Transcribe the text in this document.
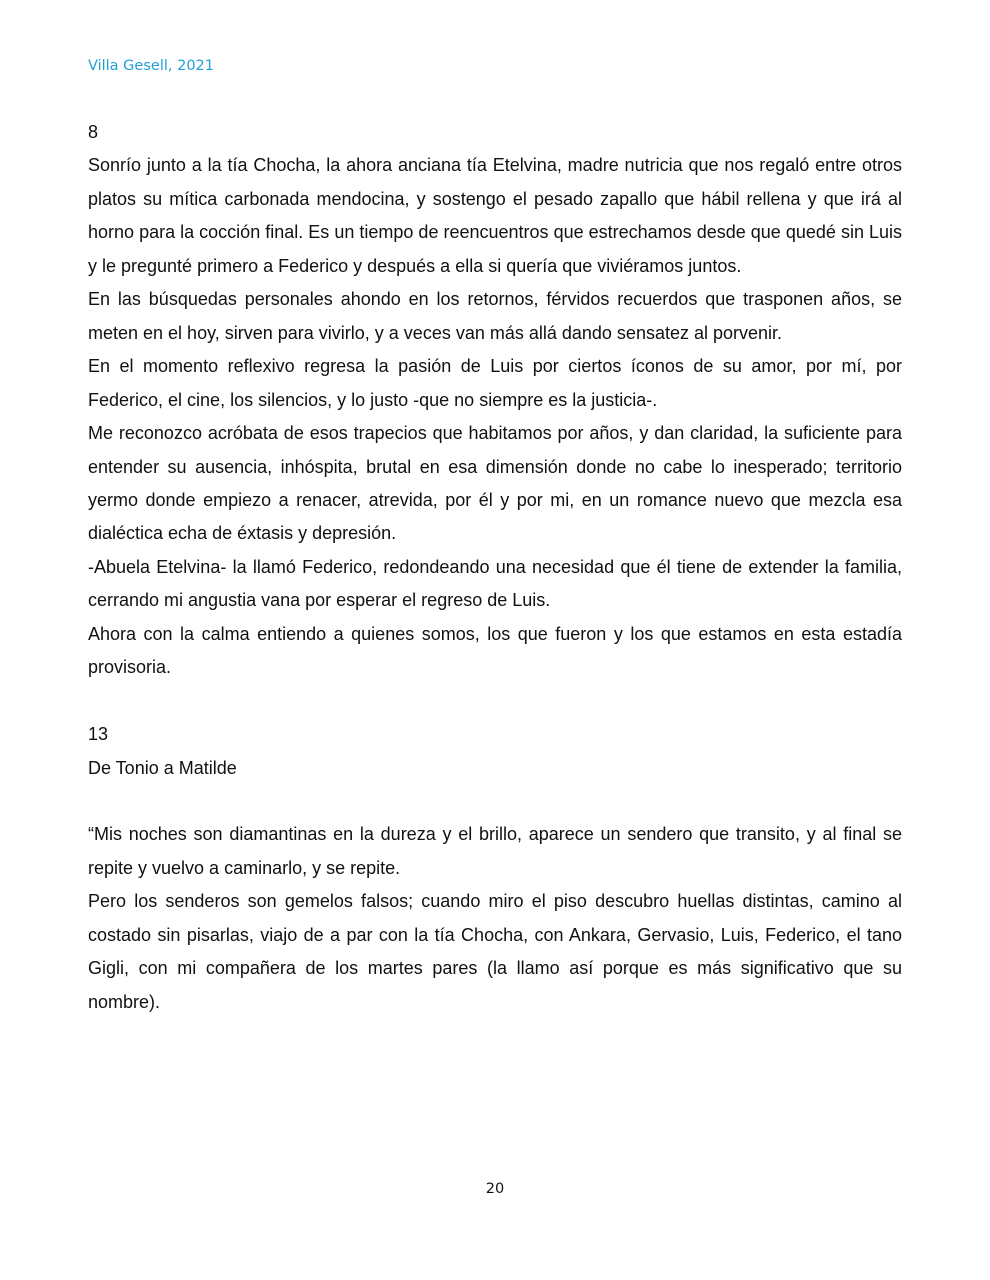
Villa Gesell, 2021

8

Sonrío junto a la tía Chocha, la ahora anciana tía Etelvina, madre nutricia que nos regaló entre otros platos su mítica carbonada mendocina, y sostengo el pesado zapallo que hábil rellena y que irá al horno para la cocción final. Es un tiempo de reencuentros que estrechamos desde que quedé sin Luis y le pregunté primero a Federico y después a ella si quería que viviéramos juntos.

En las búsquedas personales ahondo en los retornos, férvidos recuerdos que trasponen años, se meten en el hoy, sirven para vivirlo, y a veces van más allá dando sensatez al porvenir.

En el momento reflexivo regresa la pasión de Luis por ciertos íconos de su amor, por mí, por Federico, el cine, los silencios, y lo justo -que no siempre es la justicia-.

Me reconozco acróbata de esos trapecios que habitamos por años, y dan claridad, la suficiente para entender su ausencia, inhóspita, brutal en esa dimensión donde no cabe lo inesperado; territorio yermo donde empiezo a renacer, atrevida, por él y por mi, en un romance nuevo que mezcla esa dialéctica echa de éxtasis y depresión.

-Abuela Etelvina- la llamó Federico, redondeando una necesidad que él tiene de extender la familia, cerrando mi angustia vana por esperar el regreso de Luis.

Ahora con la calma entiendo a quienes somos, los que fueron y los que estamos en esta estadía provisoria.

13

De Tonio a Matilde

“Mis noches son diamantinas en la dureza y el brillo, aparece un sendero que transito, y al final se repite y vuelvo a caminarlo, y se repite.

Pero los senderos son gemelos falsos; cuando miro el piso descubro huellas distintas, camino al costado sin pisarlas, viajo de a par con la tía Chocha, con Ankara, Gervasio, Luis, Federico, el tano Gigli, con mi compañera de los martes pares (la llamo así porque es más significativo que su nombre).

20
